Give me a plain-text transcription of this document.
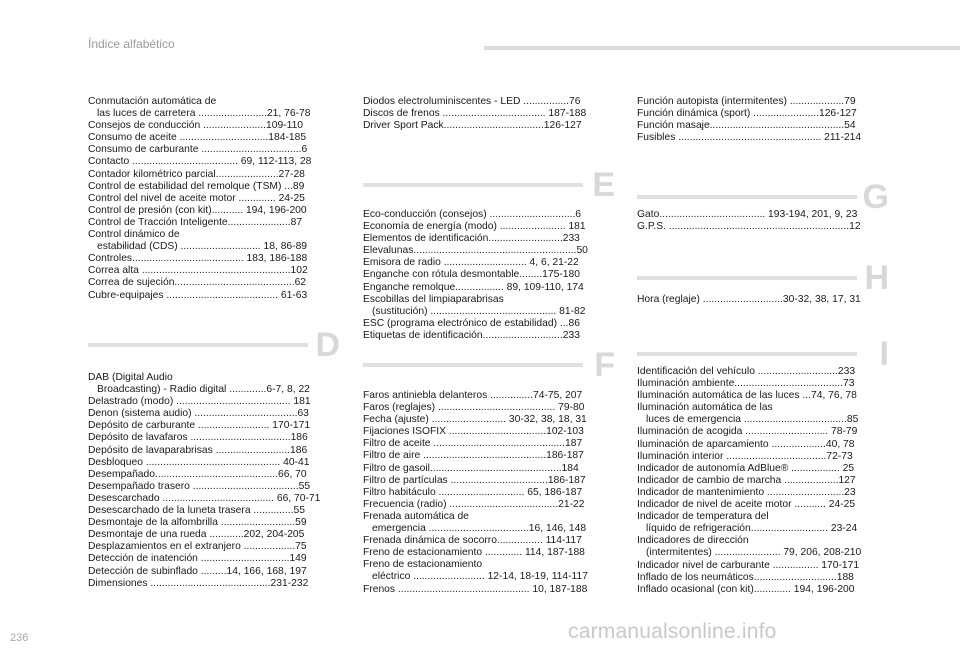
Índice alfabético
Conmutación automática de
las luces de carretera ........................21, 76-78
Consejos de conducción ......................109-110
Consumo de aceite ...............................184-185
Consumo de carburante ...................................6
Contacto ..................................... 69, 112-113, 28
Contador kilométrico parcial......................27-28
Control de estabilidad del remolque (TSM) ...89
Control del nivel de aceite motor ............. 24-25
Control de presión (con kit)........... 194, 196-200
Control de Tracción Inteligente......................87
Control dinámico de
estabilidad (CDS) ............................ 18, 86-89
Controles....................................... 183, 186-188
Correa alta ....................................................102
Correa de sujeción..........................................62
Cubre-equipajes ....................................... 61-63
D
DAB (Digital Audio
Broadcasting) - Radio digital .............6-7, 8, 22
Delastrado (modo) ........................................ 181
Denon (sistema audio) ....................................63
Depósito de carburante ......................... 170-171
Depósito de lavafaros ...................................186
Depósito de lavaparabrisas ..........................186
Desbloqueo ............................................... 40-41
Desempañado...........................................66, 70
Desempañado trasero .....................................55
Desescarchado ....................................... 66, 70-71
Desescarchado de la luneta trasera ..............55
Desmontaje de la alfombrilla ..........................59
Desmontaje de una rueda ............202, 204-205
Desplazamientos en el extranjero ..................75
Detección de inatención ...............................149
Detección de subinflado .........14, 166, 168, 197
Dimensiones ..........................................231-232
Diodos electroluminiscentes - LED ................76
Discos de frenos .................................... 187-188
Driver Sport Pack...................................126-127
E
Eco-conducción (consejos) ..............................6
Economía de energía (modo) ....................... 181
Elementos de identificación..........................233
Elevalunas.........................................................50
Emisora de radio ............................. 4, 6, 21-22
Enganche con rótula desmontable........175-180
Enganche remolque................. 89, 109-110, 174
Escobillas del limpiaparabrisas
(sustitución) ............................................ 81-82
ESC (programa electrónico de estabilidad) ...86
Etiquetas de identificación............................233
F
Faros antiniebla delanteros ...............74-75, 207
Faros (reglajes) ......................................... 79-80
Fecha (ajuste) .......................... 30-32, 38, 18, 31
Fijaciones ISOFIX ..................................102-103
Filtro de aceite ..............................................187
Filtro de aire ...........................................186-187
Filtro de gasoil..............................................184
Filtro de partículas ..................................186-187
Filtro habitáculo .............................. 65, 186-187
Frecuencia (radio) ......................................21-22
Frenada automática de
emergencia ...................................16, 146, 148
Frenada dinámica de socorro................ 114-117
Freno de estacionamiento ............. 114, 187-188
Freno de estacionamiento
eléctrico ......................... 12-14, 18-19, 114-117
Frenos .............................................. 10, 187-188
Función autopista (intermitentes) ...................79
Función dinámica (sport) .......................126-127
Función masaje...............................................54
Fusibles .................................................. 211-214
G
Gato..................................... 193-194, 201, 9, 23
G.P.S. ...............................................................12
H
Hora (reglaje) ............................30-32, 38, 17, 31
I
Identificación del vehículo ............................233
Iluminación ambiente......................................73
Iluminación automática de las luces ...74, 76, 78
Iluminación automática de las
luces de emergencia ....................................85
Iluminación de acogida ............................. 78-79
Iluminación de aparcamiento ...................40, 78
Iluminación interior ...................................72-73
Indicador de autonomía AdBlue® ................. 25
Indicador de cambio de marcha ...................127
Indicador de mantenimiento ...........................23
Indicador de nivel de aceite motor ........... 24-25
Indicador de temperatura del
líquido de refrigeración........................... 23-24
Indicadores de dirección
(intermitentes) ....................... 79, 206, 208-210
Indicador nivel de carburante ................ 170-171
Inflado de los neumáticos.............................188
Inflado ocasional (con kit)............. 194, 196-200
236	carmanualsonline.info
